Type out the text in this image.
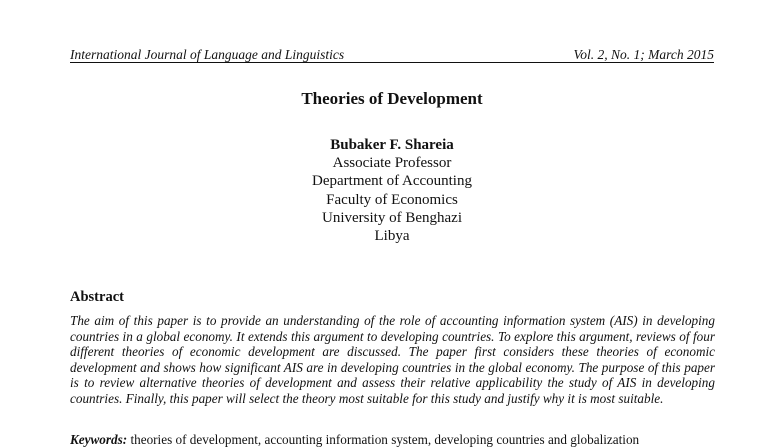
International Journal of Language and Linguistics	Vol. 2, No. 1; March 2015
Theories of Development
Bubaker F. Shareia
Associate Professor
Department of Accounting
Faculty of Economics
University of Benghazi
Libya
Abstract
The aim of this paper is to provide an understanding of the role of accounting information system (AIS) in developing countries in a global economy. It extends this argument to developing countries. To explore this argument, reviews of four different theories of economic development are discussed. The paper first considers these theories of economic development and shows how significant AIS are in developing countries in the global economy. The purpose of this paper is to review alternative theories of development and assess their relative applicability the study of AIS in developing countries. Finally, this paper will select the theory most suitable for this study and justify why it is most suitable.
Keywords: theories of development, accounting information system, developing countries and globalization
